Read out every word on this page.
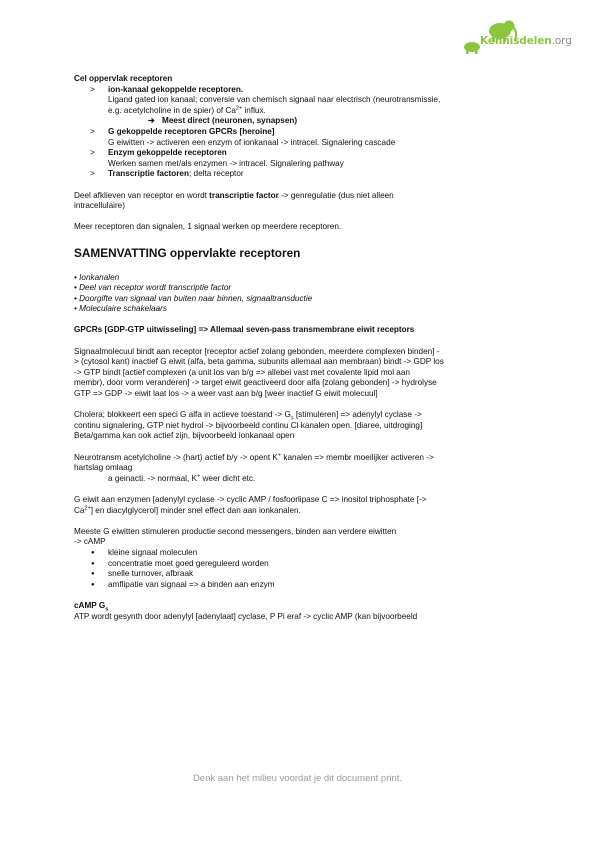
Kennisdelen.org
Cel oppervlak receptoren
> ion-kanaal gekoppelde receptoren.
Ligand gated ion kanaal; conversie van chemisch signaal naar electrisch (neurotransmissie,
e.g. acetylcholine in de spier) of $Ca^{2+}$ influx.
➔ Meest direct (neuronen, synapsen)
> G gekoppelde receptoren GPCRs [heroine]
G eiwitten -> activeren een enzym of ionkanaal -> intracel. Signalering cascade
> Enzym gekoppelde receptoren
Werken samen met/als enzymen -> intracel. Signalering pathway
> Transcriptie factoren; delta receptor
Deel afklieven van receptor en wordt transcriptie factor -> genregulatie (dus niet alleen
intracellulaire)
Meer receptoren dan signalen, 1 signaal werken op meerdere receptoren.
SAMENVATTING oppervlakte receptoren
• Ionkanalen
• Deel van receptor wordt transcriptie factor
• Doorgifte van signaal van buiten naar binnen, signaaltransductie
• Moleculaire schakelaars
GPCRs [GDP-GTP uitwisseling] => Allemaal seven-pass transmembrane eiwit receptors
Signaalmolecuul bindt aan receptor [receptor actief zolang gebonden, meerdere complexen binden] -
> (cytosol kant) inactief G eiwit (alfa, beta gamma, subunits allemaal aan membraan) bindt -> GDP los
-> GTP bindt [actief complexen (a unit los van b/g => allebei vast met covalente lipid mol aan
membr), door vorm veranderen] -> target eiwit geactiveerd door alfa [zolang gebonden] -> hydrolyse
GTP => GDP -> eiwit laat los -> a weer vast aan b/g [weer inactief G eiwit molecuul]
Cholera; blokkeert een speci G alfa in actieve toestand -> $G_s$ [stimuleren] => adenylyl cyclase ->
continu signalering, GTP niet hydrol -> bijvoorbeeld continu Cl kanalen open. [diaree, uitdroging]
Beta/gamma kan ook actief zijn, bijvoorbeeld ionkanaal open
Neurotransm acetylcholine -> (hart) actief b/y -> opent K+ kanalen => membr moeilijker activeren ->
hartslag omlaag
a geinacti. -> normaal, K+ weer dicht etc.
G eiwit aan enzymen [adenylyl cyclase -> cyclic AMP / fosfoorlipase C => inositol triphosphate [->
$Ca^{2+}$] en diacylglycerol] minder snel effect dan aan ionkanalen.
Meeste G eiwitten stimuleren productie second messengers, binden aan verdere eiwitten
-> cAMP
● kleine signaal moleculen
● concentratie moet goed gereguleerd worden
● snelle turnover, afbraak
● amflipatie van signaal => a binden aan enzym
cAMP $G_s$
ATP wordt gesynth door adenylyl [adenylaat] cyclase, P Pi eraf -> cyclic AMP (kan bijvoorbeeld
Denk aan het milieu voordat je dit document print.
